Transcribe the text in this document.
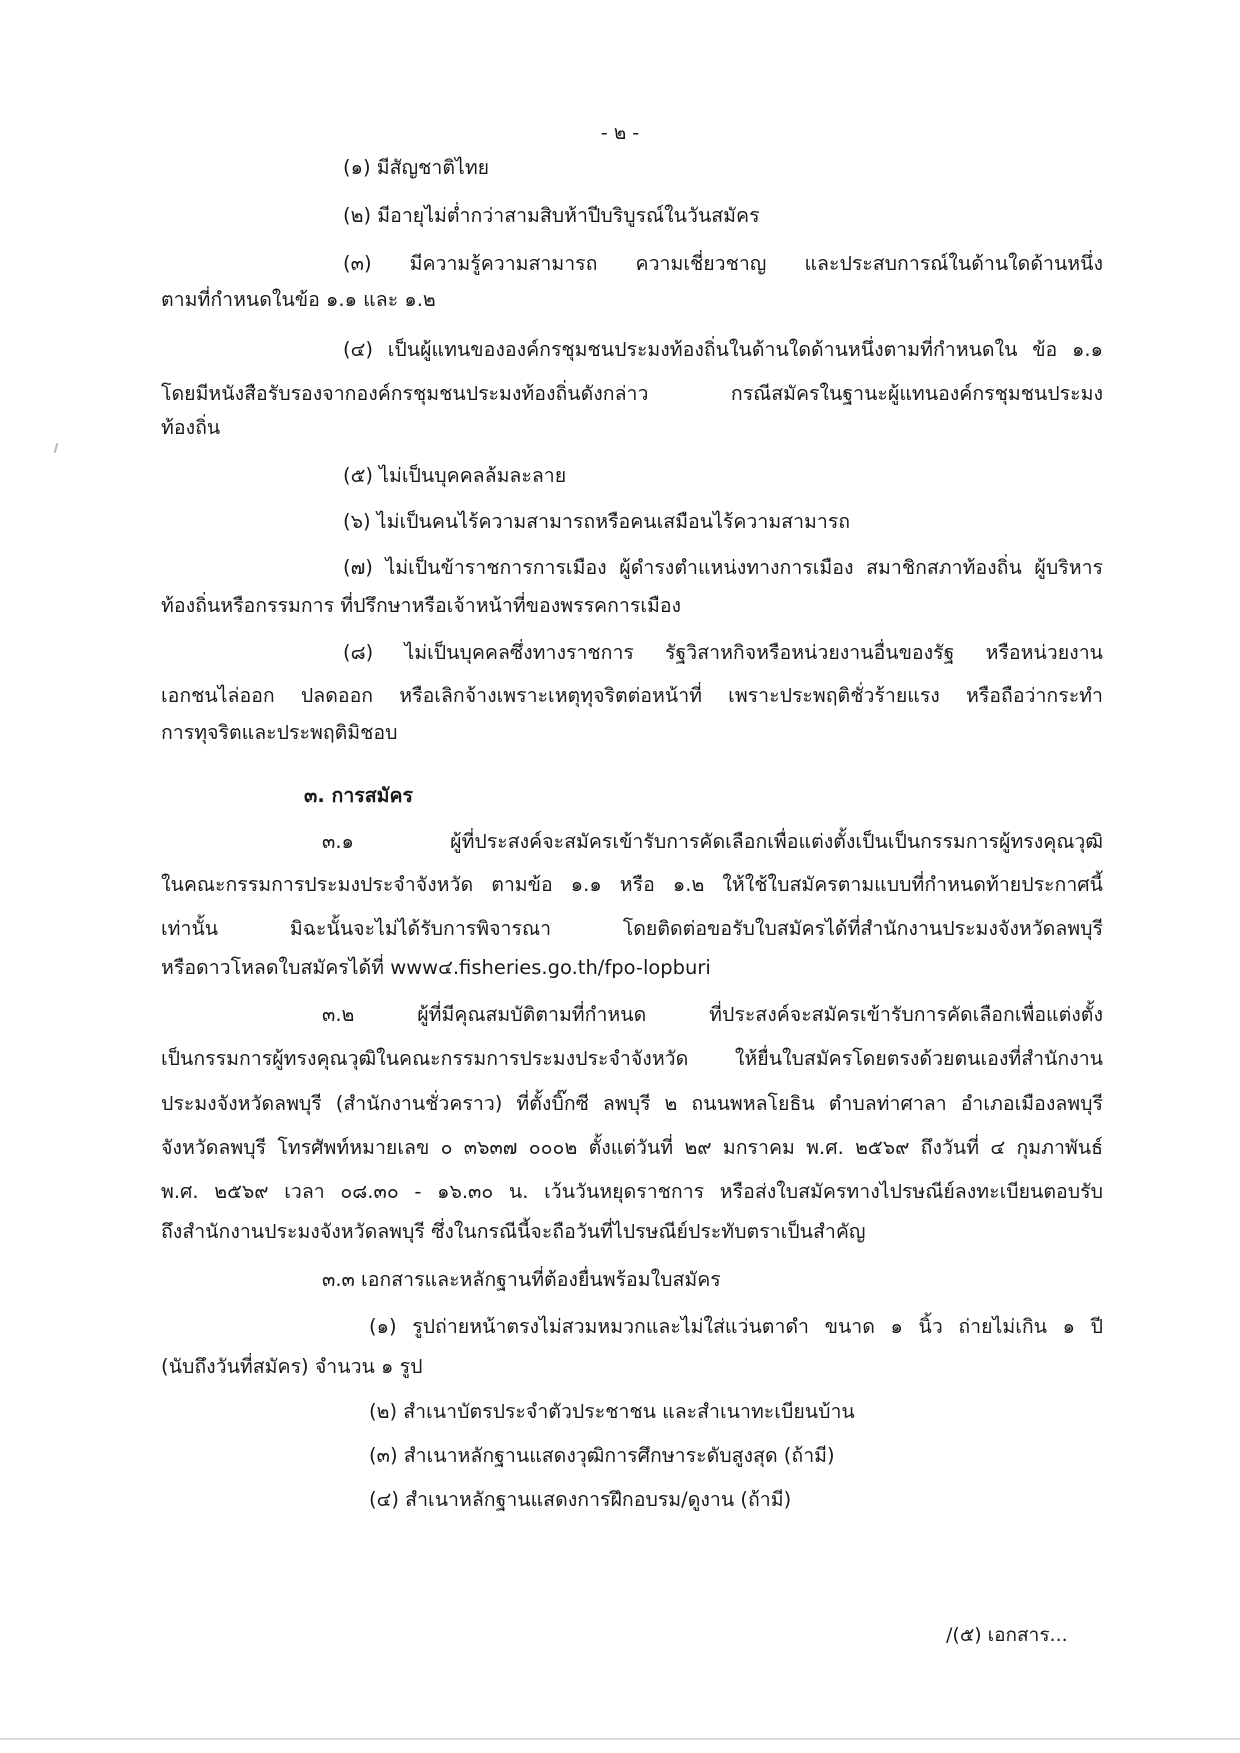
- ๒ -
(๑) มีสัญชาติไทย
(๒) มีอายุไม่ต่ำกว่าสามสิบห้าปีบริบูรณ์ในวันสมัคร
(๓) มีความรู้ความสามารถ ความเชี่ยวชาญ และประสบการณ์ในด้านใดด้านหนึ่ง
ตามที่กำหนดในข้อ ๑.๑ และ ๑.๒
(๔) เป็นผู้แทนขององค์กรชุมชนประมงท้องถิ่นในด้านใดด้านหนึ่งตามที่กำหนดใน ข้อ ๑.๑
โดยมีหนังสือรับรองจากองค์กรชุมชนประมงท้องถิ่นดังกล่าว กรณีสมัครในฐานะผู้แทนองค์กรชุมชนประมง
ท้องถิ่น
(๕) ไม่เป็นบุคคลล้มละลาย
(๖) ไม่เป็นคนไร้ความสามารถหรือคนเสมือนไร้ความสามารถ
(๗) ไม่เป็นข้าราชการการเมือง ผู้ดำรงตำแหน่งทางการเมือง สมาชิกสภาท้องถิ่น ผู้บริหาร
ท้องถิ่นหรือกรรมการ ที่ปรึกษาหรือเจ้าหน้าที่ของพรรคการเมือง
(๘) ไม่เป็นบุคคลซึ่งทางราชการ รัฐวิสาหกิจหรือหน่วยงานอื่นของรัฐ หรือหน่วยงาน
เอกชนไล่ออก ปลดออก หรือเลิกจ้างเพราะเหตุทุจริตต่อหน้าที่ เพราะประพฤติชั่วร้ายแรง หรือถือว่ากระทำ
การทุจริตและประพฤติมิชอบ
๓. การสมัคร
๓.๑ ผู้ที่ประสงค์จะสมัครเข้ารับการคัดเลือกเพื่อแต่งตั้งเป็นเป็นกรรมการผู้ทรงคุณวุฒิ
ในคณะกรรมการประมงประจำจังหวัด ตามข้อ ๑.๑ หรือ ๑.๒ ให้ใช้ใบสมัครตามแบบที่กำหนดท้ายประกาศนี้
เท่านั้น มิฉะนั้นจะไม่ได้รับการพิจารณา โดยติดต่อขอรับใบสมัครได้ที่สำนักงานประมงจังหวัดลพบุรี
หรือดาวโหลดใบสมัครได้ที่ www๔.fisheries.go.th/fpo-lopburi
๓.๒ ผู้ที่มีคุณสมบัติตามที่กำหนด ที่ประสงค์จะสมัครเข้ารับการคัดเลือกเพื่อแต่งตั้ง
เป็นกรรมการผู้ทรงคุณวุฒิในคณะกรรมการประมงประจำจังหวัด ให้ยื่นใบสมัครโดยตรงด้วยตนเองที่สำนักงาน
ประมงจังหวัดลพบุรี (สำนักงานชั่วคราว) ที่ตั้งบิ๊กซี ลพบุรี ๒ ถนนพหลโยธิน ตำบลท่าศาลา อำเภอเมืองลพบุรี
จังหวัดลพบุรี โทรศัพท์หมายเลข ๐ ๓๖๓๗ ๐๐๐๒ ตั้งแต่วันที่ ๒๙ มกราคม พ.ศ. ๒๕๖๙ ถึงวันที่ ๔ กุมภาพันธ์
พ.ศ. ๒๕๖๙ เวลา ๐๘.๓๐ - ๑๖.๓๐ น. เว้นวันหยุดราชการ หรือส่งใบสมัครทางไปรษณีย์ลงทะเบียนตอบรับ
ถึงสำนักงานประมงจังหวัดลพบุรี ซึ่งในกรณีนี้จะถือวันที่ไปรษณีย์ประทับตราเป็นสำคัญ
๓.๓ เอกสารและหลักฐานที่ต้องยื่นพร้อมใบสมัคร
(๑) รูปถ่ายหน้าตรงไม่สวมหมวกและไม่ใส่แว่นตาดำ ขนาด ๑ นิ้ว ถ่ายไม่เกิน ๑ ปี
(นับถึงวันที่สมัคร) จำนวน ๑ รูป
(๒) สำเนาบัตรประจำตัวประชาชน และสำเนาทะเบียนบ้าน
(๓) สำเนาหลักฐานแสดงวุฒิการศึกษาระดับสูงสุด (ถ้ามี)
(๔) สำเนาหลักฐานแสดงการฝึกอบรม/ดูงาน (ถ้ามี)
/(๕) เอกสาร...
